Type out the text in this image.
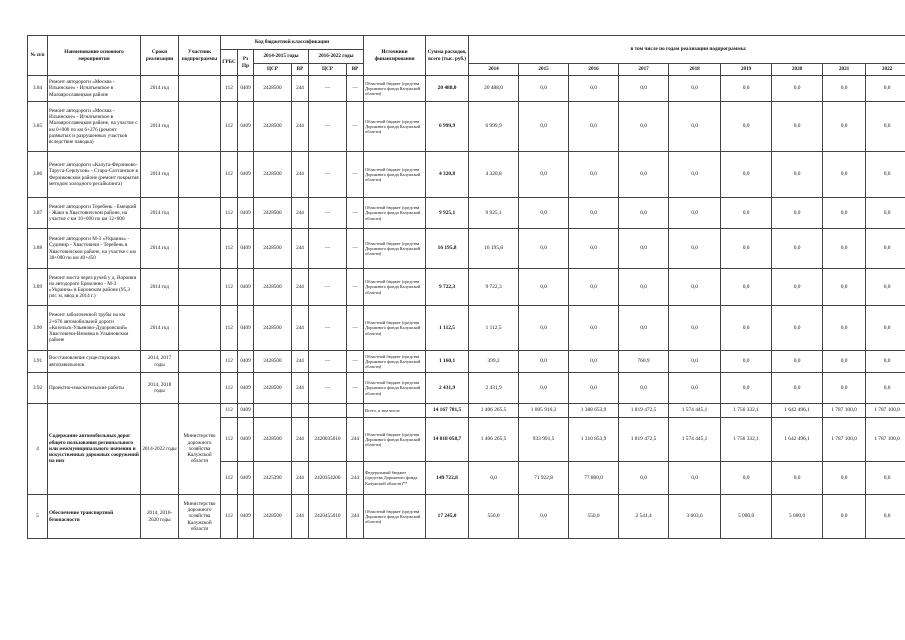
№ п/п	Наименование основного мероприятия	Сроки реализации	Участник подпрограммы	Код бюджетной классификации						Источники финансирования	Сумма расходов, всего (тыс. руб.)	в том числе по годам реализации подпрограммы:								
				ГРБС	Рз Пр	2014-2015 годы		2016-2022 годы												
						ЦСР	ВР	ЦСР	ВР			2014	2015	2016	2017	2018	2019	2020	2021	2022
3.84	Ремонт автодороги «Москва - Ильинское» - Игнатьевское в Малоярославецком районе	2014 год		112	0409	2428500	244	—	—	Областной бюджет (средства Дорожного фонда Калужской области)	20 488,0	20 488,0	0,0	0,0	0,0	0,0	0,0	0,0	0,0	0,0
3.85	Ремонт автодороги «Москва - Ильинское» - Игнатьевское в Малоярославецком районе, на участке с км 0+000 по км 6+276 (ремонт размытых и разрушенных участков вследствие паводка)	2014 год		112	0409	2428500	244	—	—	Областной бюджет (средства Дорожного фонда Калужской области)	6 999,9	6 999,9	0,0	0,0	0,0	0,0	0,0	0,0	0,0	0,0
3.86	Ремонт автодороги «Калуга-Ферзиково-Таруса-Серпухов» - Старо-Салтанское в Ферзиковском районе (ремонт покрытия методом холодного ресайклинга)	2014 год		112	0409	2428500	244	—	—	Областной бюджет (средства Дорожного фонда Калужской области)	4 320,8	4 320,8	0,0	0,0	0,0	0,0	0,0	0,0	0,0	0,0
3.87	Ремонт автодороги Теребень - Емецкий - Жаки в Хвастовичском районе, на участке с км 10+000 по км 12+800	2014 год		112	0409	2428500	244	—	—	Областной бюджет (средства Дорожного фонда Калужской области)	9 925,1	9 925,1	0,0	0,0	0,0	0,0	0,0	0,0	0,0	0,0
3.88	Ремонт автодороги М-3 «Украина» - Судимир - Хвастовичи - Теребень в Хвастовичском районе, на участке с км 38+000 по км 40+450	2014 год		112	0409	2428500	244	—	—	Областной бюджет (средства Дорожного фонда Калужской области)	16 195,8	16 195,8	0,0	0,0	0,0	0,0	0,0	0,0	0,0	0,0
3.89	Ремонт моста через ручей у д. Воронки на автодороге Ермолино - М-3 «Украина» в Боровском районе (95,3 пог. м, ввод в 2014 г.)	2014 год		112	0409	2428500	244	—	—	Областной бюджет (средства Дорожного фонда Калужской области)	9 722,3	9 722,3	0,0	0,0	0,0	0,0	0,0	0,0	0,0	0,0
3.90	Ремонт заболоченной трубы на км 2+676 автомобильной дороги «Козельск-Ульяново-Дудоровский» Хвастовичи-Вязовна в Ульяновском районе	2014 год		112	0409	2428500	244	—	—	Областной бюджет (средства Дорожного фонда Калужской области)	1 112,5	1 112,5	0,0	0,0	0,0	0,0	0,0	0,0	0,0	0,0
3.91	Восстановление существующих автопавильонов	2014, 2017 годы		112	0409	2428500	244	—	—	Областной бюджет (средства Дорожного фонда Калужской области)	1 160,1	399,2	0,0	0,0	760,9	0,0	0,0	0,0	0,0	0,0
3.92	Проектно-изыскательские работы	2014, 2018 годы		112	0409	2428500	244	—	—	Областной бюджет (средства Дорожного фонда Калужской области)	2 431,9	2 431,9	0,0	0,0	0,0	0,0	0,0	0,0	0,0	0,0
4	Содержание автомобильных дорог общего пользования регионального или межмуниципального значения и искусственных дорожных сооружений на них	2014-2022 годы	Министерство дорожного хозяйства Калужской области	112	0409					Всего, в том числе	14 167 781,5	1 406 265,5	1 005 916,3	1 388 653,9	1 819 472,5	1 574 445,1	1 756 332,1	1 642 496,1	1 787 100,0	1 787 100,0
				112	0409	2428500	244	2420035010	244	Областной бюджет (средства Дорожного фонда Калужской области)	14 018 058,7	1 406 265,5	933 991,5	1 310 853,9	1 819 472,5	1 574 445,1	1 756 332,1	1 642 496,1	1 787 100,0	1 787 100,0
				112	0409	2425390	244	2420354200	244	Федеральный бюджет (средства Дорожного фонда Калужской области)**	149 722,8	0,0	71 922,8	77 800,0	0,0	0,0	0,0	0,0	0,0	0,0
5	Обеспечение транспортной безопасности	2014, 2016-2020 годы	Министерство дорожного хозяйства Калужской области	112	0409	2428500	244	2420455010	244	Областной бюджет (средства Дорожного фонда Калужской области)	17 245,0	550,0	0,0	550,0	2 541,4	3 603,6	5 000,0	5 000,0	0,0	0,0
